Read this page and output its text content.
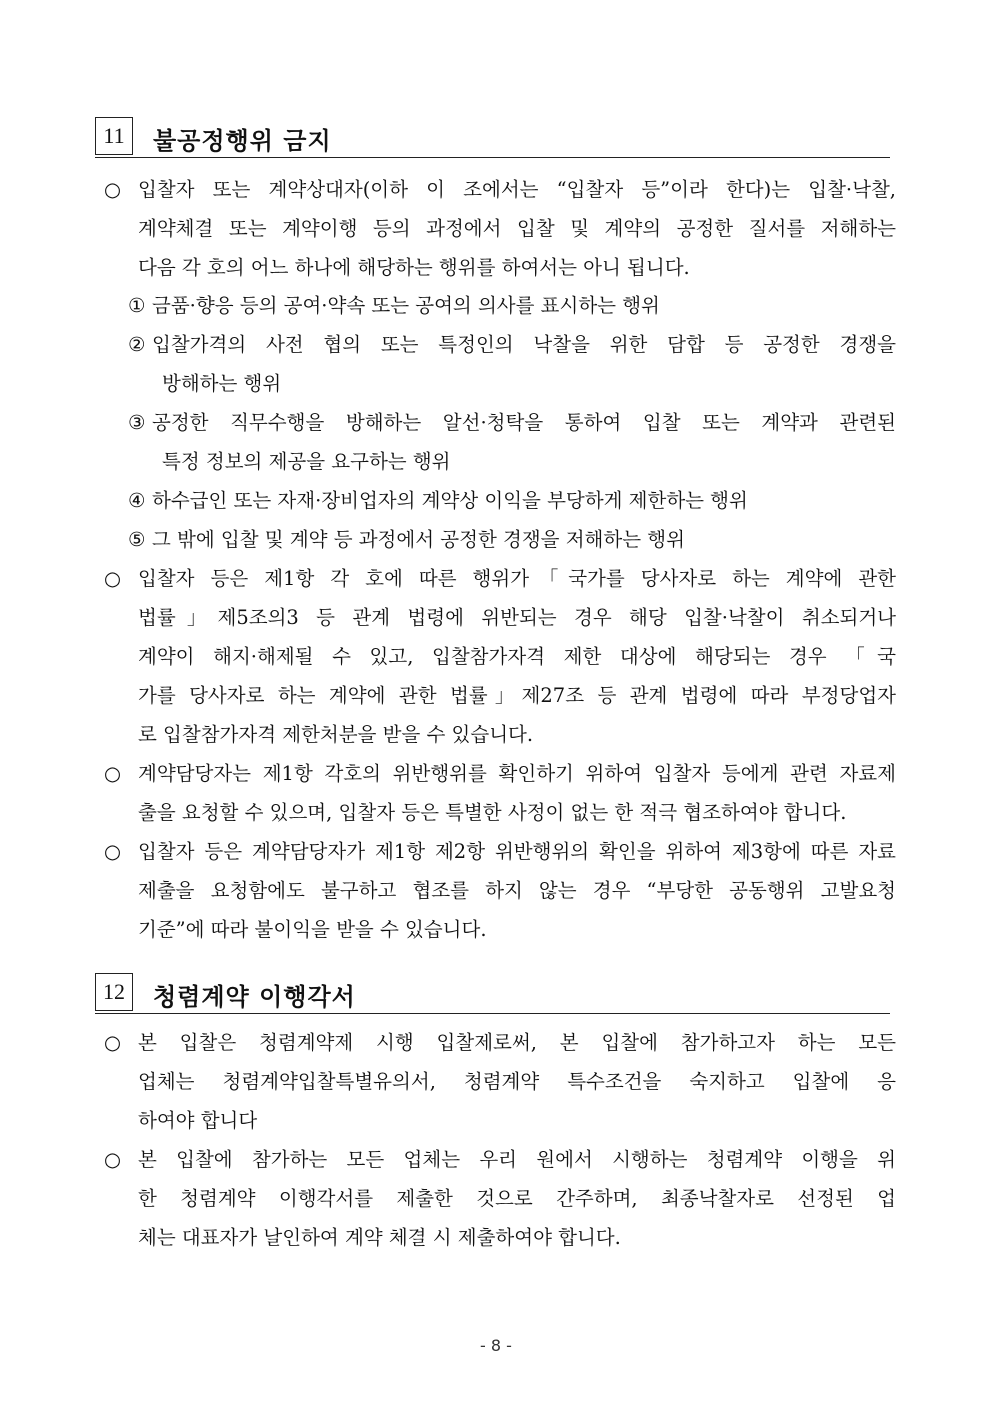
11	불공정행위 금지
○ 입찰자 또는 계약상대자(이하 이 조에서는 “입찰자 등”이라 한다)는 입찰·낙찰,
계약체결 또는 계약이행 등의 과정에서 입찰 및 계약의 공정한 질서를 저해하는
다음 각 호의 어느 하나에 해당하는 행위를 하여서는 아니 됩니다.
① 금품·향응 등의 공여·약속 또는 공여의 의사를 표시하는 행위
② 입찰가격의 사전 협의 또는 특정인의 낙찰을 위한 담합 등 공정한 경쟁을
방해하는 행위
③ 공정한 직무수행을 방해하는 알선·청탁을 통하여 입찰 또는 계약과 관련된
특정 정보의 제공을 요구하는 행위
④ 하수급인 또는 자재·장비업자의 계약상 이익을 부당하게 제한하는 행위
⑤ 그 밖에 입찰 및 계약 등 과정에서 공정한 경쟁을 저해하는 행위
○ 입찰자 등은 제1항 각 호에 따른 행위가「국가를 당사자로 하는 계약에 관한
법률」제5조의3 등 관계 법령에 위반되는 경우 해당 입찰·낙찰이 취소되거나
계약이 해지·해제될 수 있고, 입찰참가자격 제한 대상에 해당되는 경우 「국
가를 당사자로 하는 계약에 관한 법률」제27조 등 관계 법령에 따라 부정당업자
로 입찰참가자격 제한처분을 받을 수 있습니다.
○ 계약담당자는 제1항 각호의 위반행위를 확인하기 위하여 입찰자 등에게 관련 자료제
출을 요청할 수 있으며, 입찰자 등은 특별한 사정이 없는 한 적극 협조하여야 합니다.
○ 입찰자 등은 계약담당자가 제1항 제2항 위반행위의 확인을 위하여 제3항에 따른 자료
제출을 요청함에도 불구하고 협조를 하지 않는 경우 “부당한 공동행위 고발요청
기준”에 따라 불이익을 받을 수 있습니다.
12	청렴계약 이행각서
○ 본 입찰은 청렴계약제 시행 입찰제로써, 본 입찰에 참가하고자 하는 모든
업체는 청렴계약입찰특별유의서, 청렴계약 특수조건을 숙지하고 입찰에 응
하여야 합니다
○ 본 입찰에 참가하는 모든 업체는 우리 원에서 시행하는 청렴계약 이행을 위
한 청렴계약 이행각서를 제출한 것으로 간주하며, 최종낙찰자로 선정된 업
체는 대표자가 날인하여 계약 체결 시 제출하여야 합니다.
- 8 -
